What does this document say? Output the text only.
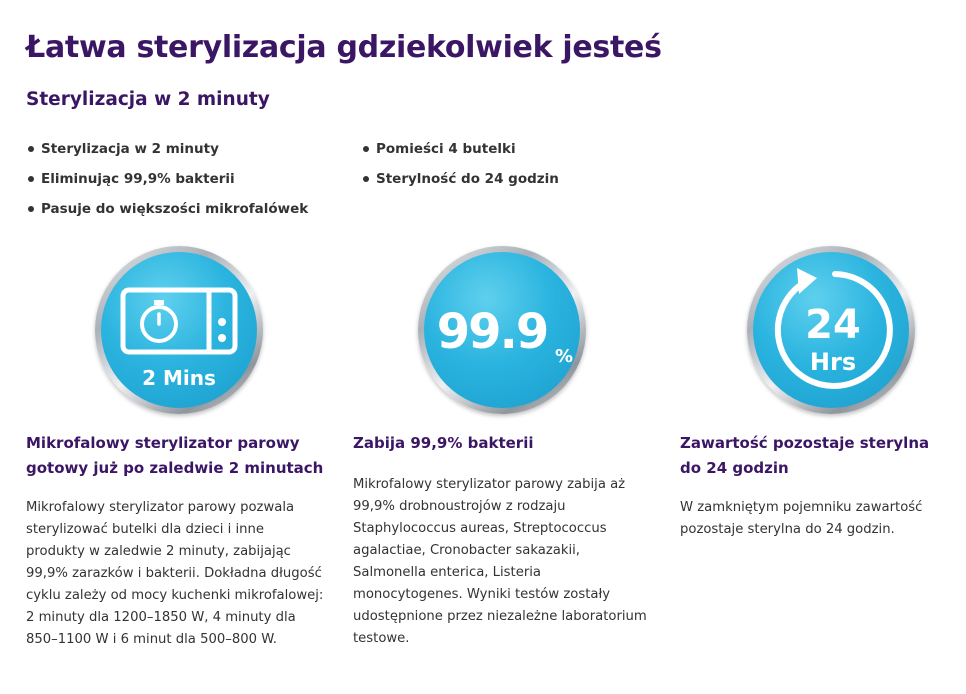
Łatwa sterylizacja gdziekolwiek jesteś
Sterylizacja w 2 minuty
Sterylizacja w 2 minuty
Eliminując 99,9% bakterii
Pasuje do większości mikrofalówek
Pomieści 4 butelki
Sterylność do 24 godzin
2 Mins
Mikrofalowy sterylizator parowy gotowy już po zaledwie 2 minutach

Mikrofalowy sterylizator parowy pozwala sterylizować butelki dla dzieci i inne produkty w zaledwie 2 minuty, zabijając 99,9% zarazków i bakterii. Dokładna długość cyklu zależy od mocy kuchenki mikrofalowej: 2 minuty dla 1200–1850 W, 4 minuty dla 850–1100 W i 6 minut dla 500–800 W.

99.9 %
Zabija 99,9% bakterii

Mikrofalowy sterylizator parowy zabija aż 99,9% drobnoustrojów z rodzaju Staphylococcus aureas, Streptococcus agalactiae, Cronobacter sakazakii, Salmonella enterica, Listeria monocytogenes. Wyniki testów zostały udostępnione przez niezależne laboratorium testowe.

24
Hrs
Zawartość pozostaje sterylna do 24 godzin

W zamkniętym pojemniku zawartość pozostaje sterylna do 24 godzin.
